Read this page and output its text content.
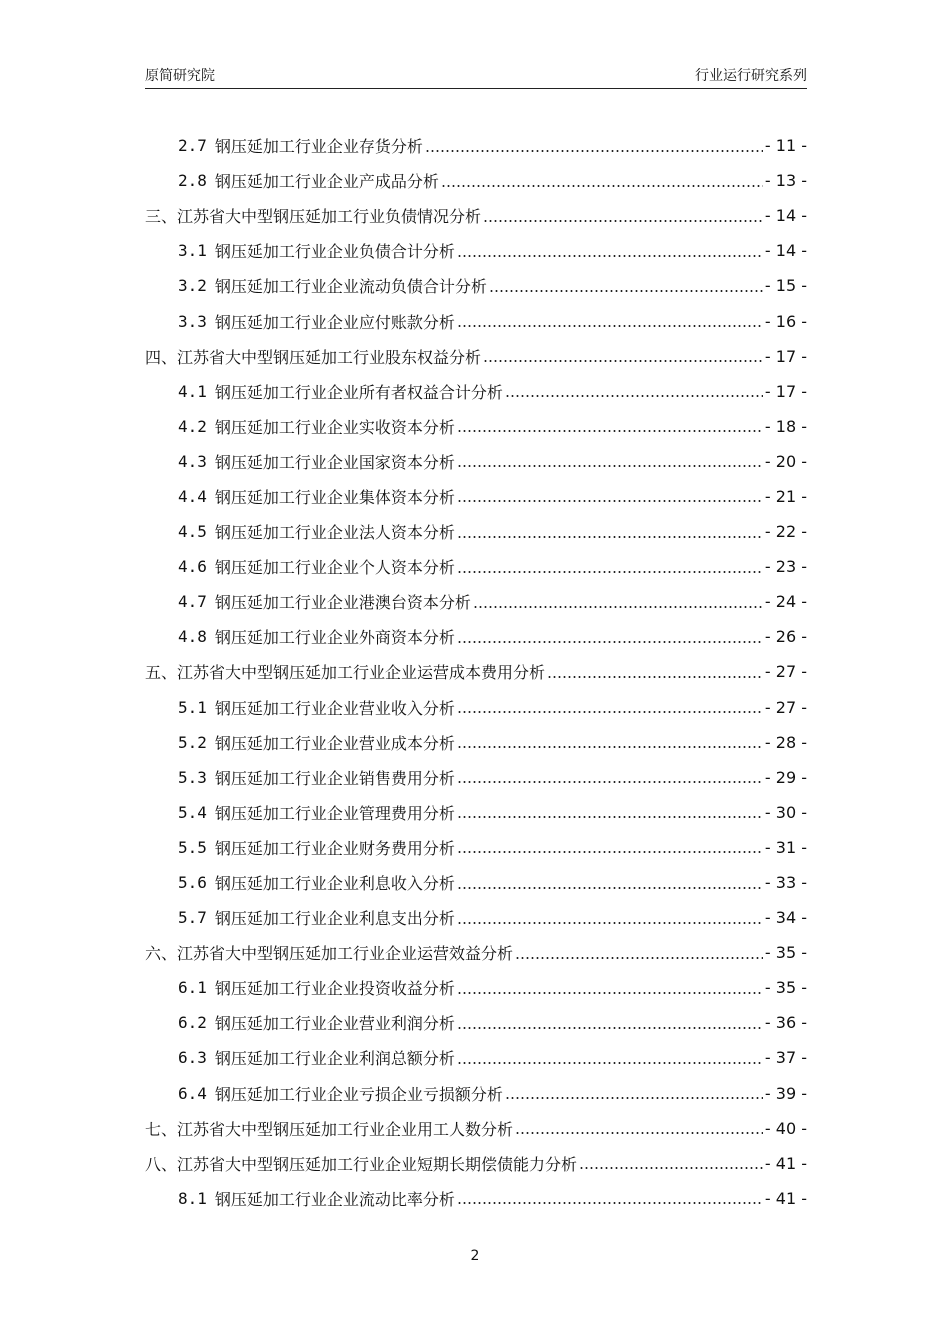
原简研究院	行业运行研究系列
2.7 钢压延加工行业企业存货分析	- 11 -
2.8 钢压延加工行业企业产成品分析	- 13 -
三、江苏省大中型钢压延加工行业负债情况分析	- 14 -
3.1 钢压延加工行业企业负债合计分析	- 14 -
3.2 钢压延加工行业企业流动负债合计分析	- 15 -
3.3 钢压延加工行业企业应付账款分析	- 16 -
四、江苏省大中型钢压延加工行业股东权益分析	- 17 -
4.1 钢压延加工行业企业所有者权益合计分析	- 17 -
4.2 钢压延加工行业企业实收资本分析	- 18 -
4.3 钢压延加工行业企业国家资本分析	- 20 -
4.4 钢压延加工行业企业集体资本分析	- 21 -
4.5 钢压延加工行业企业法人资本分析	- 22 -
4.6 钢压延加工行业企业个人资本分析	- 23 -
4.7 钢压延加工行业企业港澳台资本分析	- 24 -
4.8 钢压延加工行业企业外商资本分析	- 26 -
五、江苏省大中型钢压延加工行业企业运营成本费用分析	- 27 -
5.1 钢压延加工行业企业营业收入分析	- 27 -
5.2 钢压延加工行业企业营业成本分析	- 28 -
5.3 钢压延加工行业企业销售费用分析	- 29 -
5.4 钢压延加工行业企业管理费用分析	- 30 -
5.5 钢压延加工行业企业财务费用分析	- 31 -
5.6 钢压延加工行业企业利息收入分析	- 33 -
5.7 钢压延加工行业企业利息支出分析	- 34 -
六、江苏省大中型钢压延加工行业企业运营效益分析	- 35 -
6.1 钢压延加工行业企业投资收益分析	- 35 -
6.2 钢压延加工行业企业营业利润分析	- 36 -
6.3 钢压延加工行业企业利润总额分析	- 37 -
6.4 钢压延加工行业企业亏损企业亏损额分析	- 39 -
七、江苏省大中型钢压延加工行业企业用工人数分析	- 40 -
八、江苏省大中型钢压延加工行业企业短期长期偿债能力分析	- 41 -
8.1 钢压延加工行业企业流动比率分析	- 41 -
2
